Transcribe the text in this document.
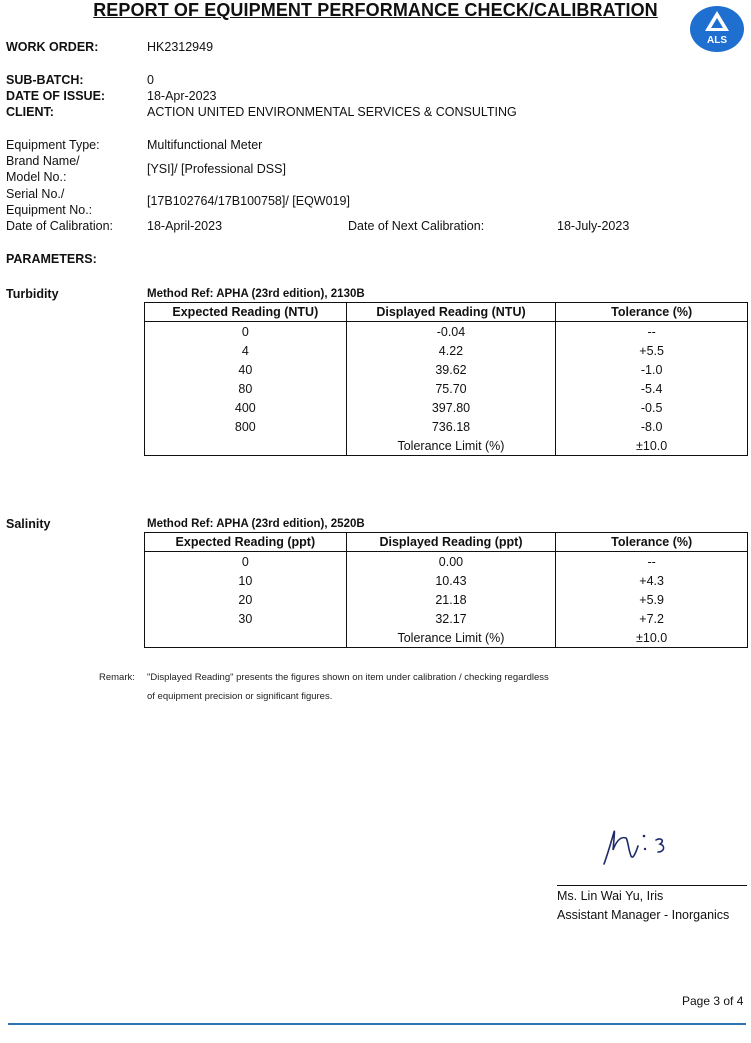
REPORT OF EQUIPMENT PERFORMANCE CHECK/CALIBRATION
ALS
WORK ORDER:	HK2312949
SUB-BATCH:	0
DATE OF ISSUE:	18-Apr-2023
CLIENT:	ACTION UNITED ENVIRONMENTAL SERVICES & CONSULTING
Equipment Type:	Multifunctional Meter
Brand Name/
Model No.:
[YSI]/ [Professional DSS]
Serial No./
Equipment No.:
[17B102764/17B100758]/ [EQW019]
Date of Calibration:	18-April-2023	Date of Next Calibration:	18-July-2023
PARAMETERS:
Turbidity	Method Ref: APHA (23rd edition), 2130B
Expected Reading (NTU)	Displayed Reading (NTU)	Tolerance (%)
0	-0.04	--
4	4.22	+5.5
40	39.62	-1.0
80	75.70	-5.4
400	397.80	-0.5
800	736.18	-8.0
	Tolerance Limit (%)	±10.0
Salinity	Method Ref: APHA (23rd edition), 2520B
Expected Reading (ppt)	Displayed Reading (ppt)	Tolerance (%)
0	0.00	--
10	10.43	+4.3
20	21.18	+5.9
30	32.17	+7.2
	Tolerance Limit (%)	±10.0
Remark: "Displayed Reading" presents the figures shown on item under calibration / checking regardless
of equipment precision or significant figures.
Ms. Lin Wai Yu, Iris
Assistant Manager - Inorganics
Page 3 of 4
